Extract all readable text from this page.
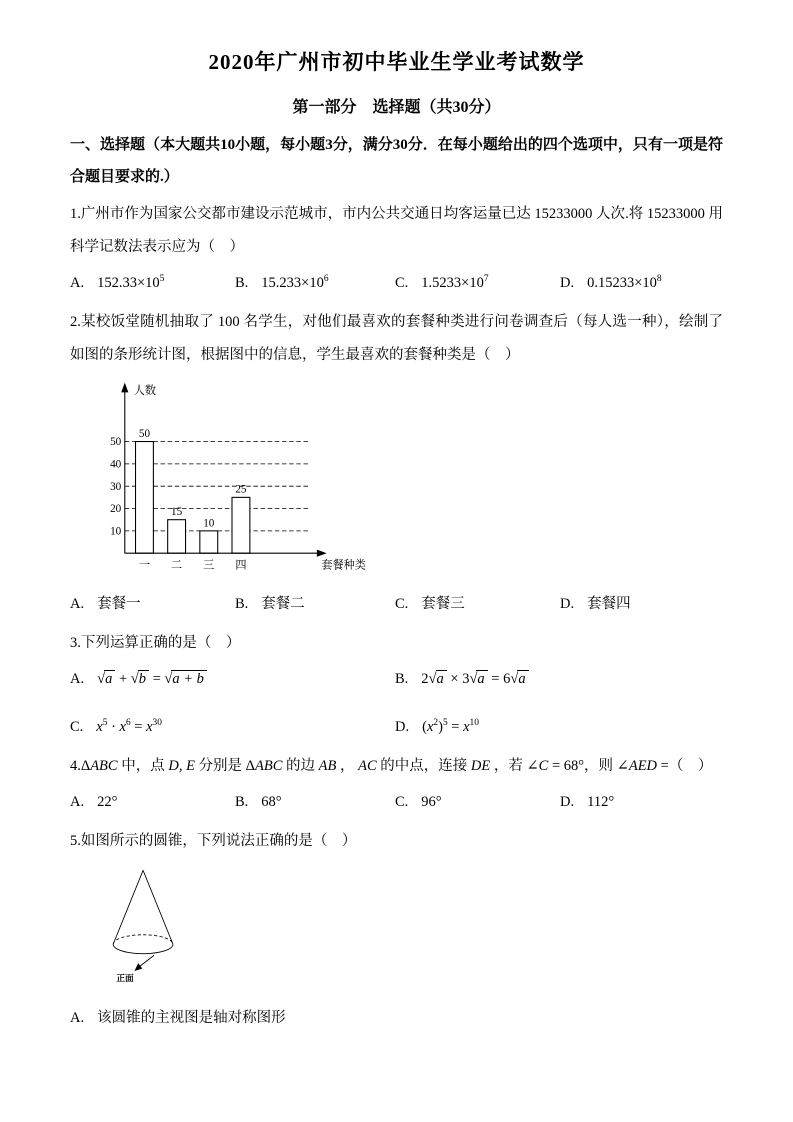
2020年广州市初中毕业生学业考试数学
第一部分　选择题（共30分）

一、选择题（本大题共10小题，每小题3分，满分30分．在每小题给出的四个选项中，只有一项是符合题目要求的.）

1.广州市作为国家公交都市建设示范城市，市内公共交通日均客运量已达 15233000 人次.将 15233000 用科学记数法表示应为（　）

A. $152.33\times 10^5$	B. $15.233\times 10^6$	C. $1.5233\times 10^7$	D. $0.15233\times 10^8$

2.某校饭堂随机抽取了 100 名学生，对他们最喜欢的套餐种类进行问卷调查后（每人选一种），绘制了如图的条形统计图，根据图中的信息，学生最喜欢的套餐种类是（　）

人数
套餐种类
10
20
30
40
50
50
15
10
25
一 二 三 四
A. 套餐一	B. 套餐二	C. 套餐三	D. 套餐四

3.下列运算正确的是（　）

A. √a + √b = √a + b	B. 2√a × 3√a = 6√a
C. $x^5 \cdot x^6 = x^{30}$	D. $(x^2)^5 = x^{10}$

4.ΔABC 中，点 D, E 分别是 ΔABC 的边 AB ， AC 的中点，连接 DE ，若 ∠C = 68°，则 ∠AED =（　）

A. 22°	B. 68°	C. 96°	D. 112°

5.如图所示的圆锥，下列说法正确的是（　）

正面
A. 该圆锥的主视图是轴对称图形
